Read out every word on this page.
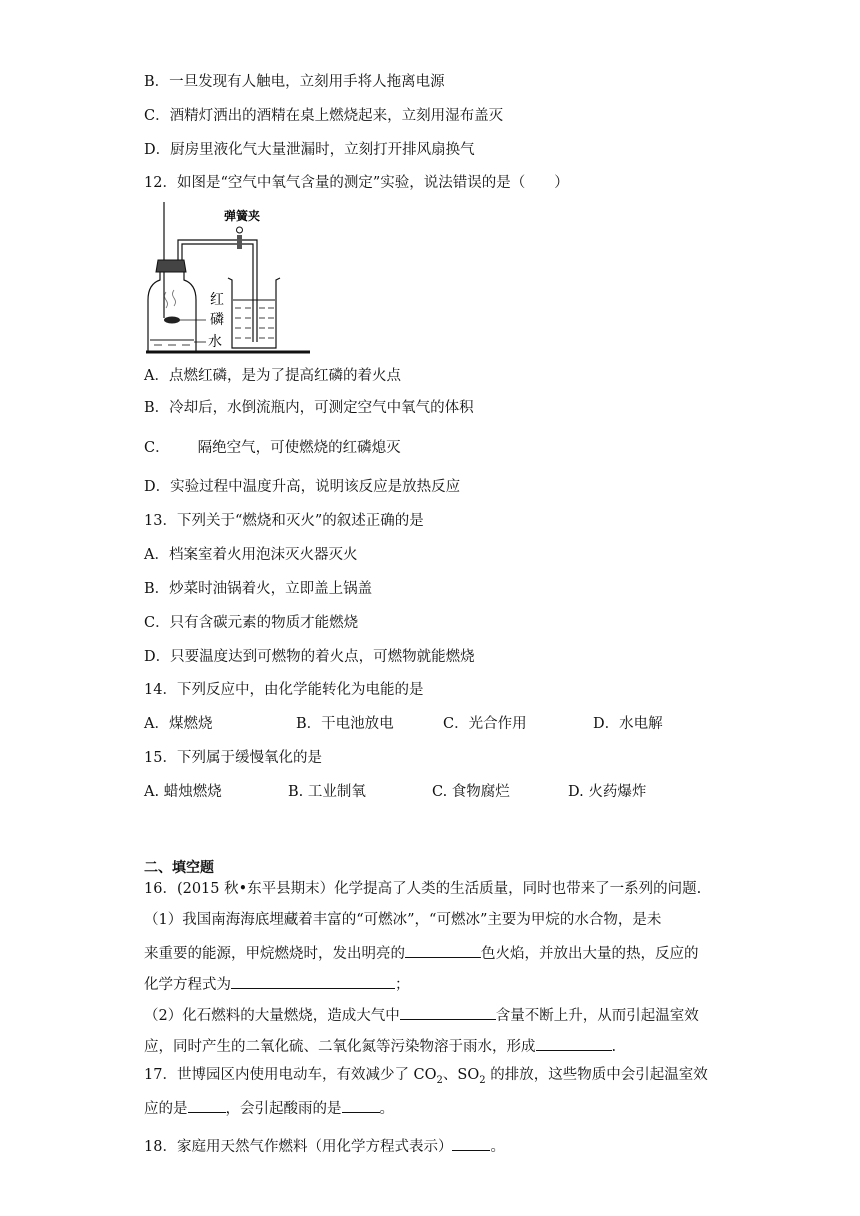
B．一旦发现有人触电，立刻用手将人拖离电源
C．酒精灯洒出的酒精在桌上燃烧起来，立刻用湿布盖灭
D．厨房里液化气大量泄漏时，立刻打开排风扇换气
12．如图是“空气中氧气含量的测定”实验，说法错误的是（　　）
弹簧夹
红
磷
水
A．点燃红磷，是为了提高红磷的着火点
B．冷却后，水倒流瓶内，可测定空气中氧气的体积
C． 隔绝空气，可使燃烧的红磷熄灭
D．实验过程中温度升高，说明该反应是放热反应
13．下列关于“燃烧和灭火”的叙述正确的是
A．档案室着火用泡沫灭火器灭火
B．炒菜时油锅着火，立即盖上锅盖
C．只有含碳元素的物质才能燃烧
D．只要温度达到可燃物的着火点，可燃物就能燃烧
14．下列反应中，由化学能转化为电能的是
A．煤燃烧	B．干电池放电	C．光合作用	D．水电解
15．下列属于缓慢氧化的是
A. 蜡烛燃烧	B. 工业制氧	C. 食物腐烂	D. 火药爆炸
二、填空题
16．(2015 秋•东平县期末）化学提高了人类的生活质量，同时也带来了一系列的问题.
（1）我国南海海底埋藏着丰富的“可燃冰”，“可燃冰”主要为甲烷的水合物，是未
来重要的能源，甲烷燃烧时，发出明亮的	色火焰，并放出大量的热，反应的
化学方程式为	；
（2）化石燃料的大量燃烧，造成大气中	含量不断上升，从而引起温室效
应，同时产生的二氧化硫、二氧化氮等污染物溶于雨水，形成	.
17．世博园区内使用电动车，有效减少了 $CO_2$、$SO_2$ 的排放，这些物质中会引起温室效
应的是	，会引起酸雨的是	。
18．家庭用天然气作燃料（用化学方程式表示）	。
